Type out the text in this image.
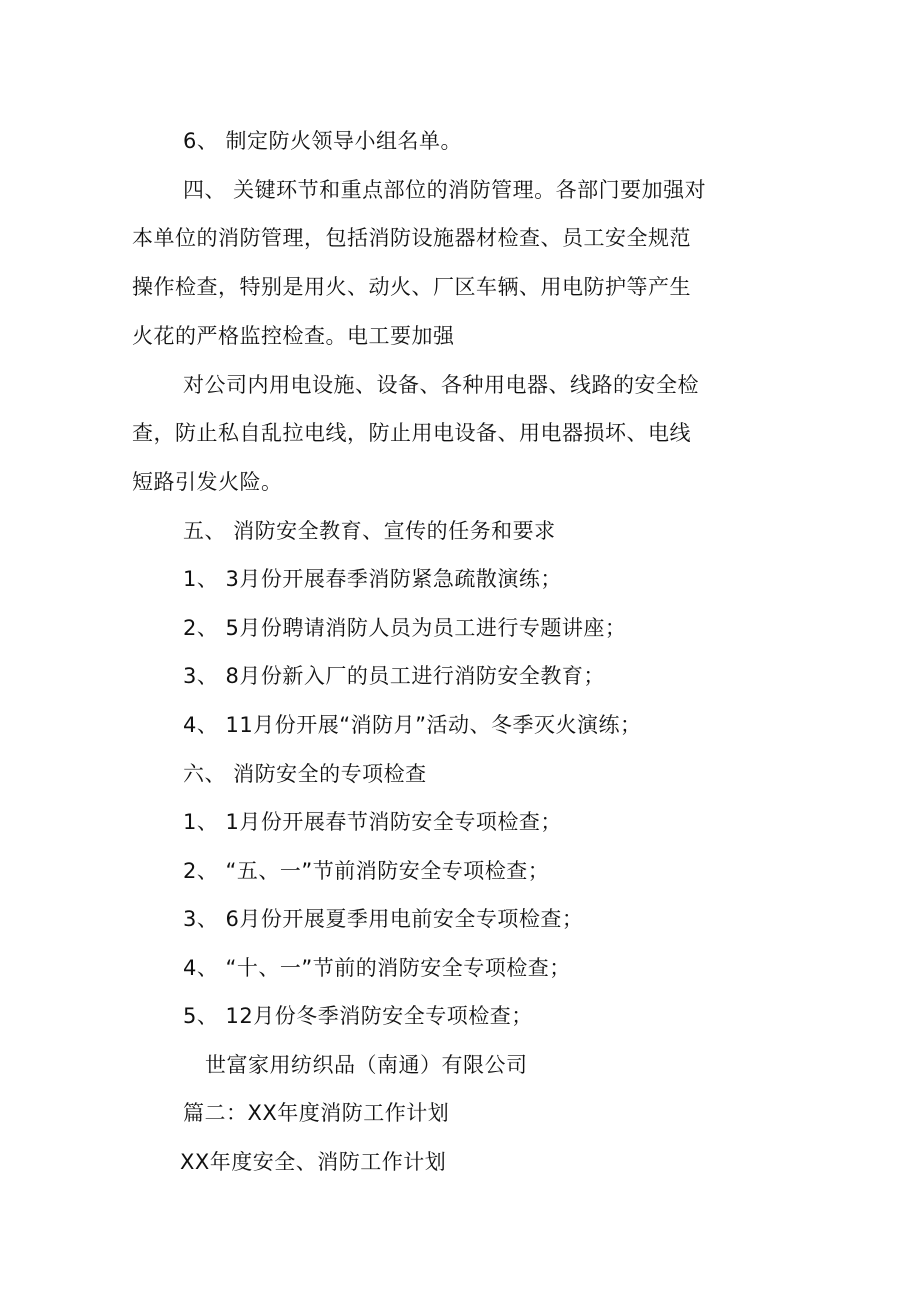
6、 制定防火领导小组名单。
四、 关键环节和重点部位的消防管理。各部门要加强对
本单位的消防管理，包括消防设施器材检查、员工安全规范
操作检查，特别是用火、动火、厂区车辆、用电防护等产生
火花的严格监控检查。电工要加强
对公司内用电设施、设备、各种用电器、线路的安全检
查，防止私自乱拉电线，防止用电设备、用电器损坏、电线
短路引发火险。
五、 消防安全教育、宣传的任务和要求
1、 3月份开展春季消防紧急疏散演练；
2、 5月份聘请消防人员为员工进行专题讲座；
3、 8月份新入厂的员工进行消防安全教育；
4、 11月份开展“消防月”活动、冬季灭火演练；
六、 消防安全的专项检查
1、 1月份开展春节消防安全专项检查；
2、 “五、一”节前消防安全专项检查；
3、 6月份开展夏季用电前安全专项检查；
4、 “十、一”节前的消防安全专项检查；
5、 12月份冬季消防安全专项检查；
世富家用纺织品（南通）有限公司
篇二：XX年度消防工作计划
XX年度安全、消防工作计划
